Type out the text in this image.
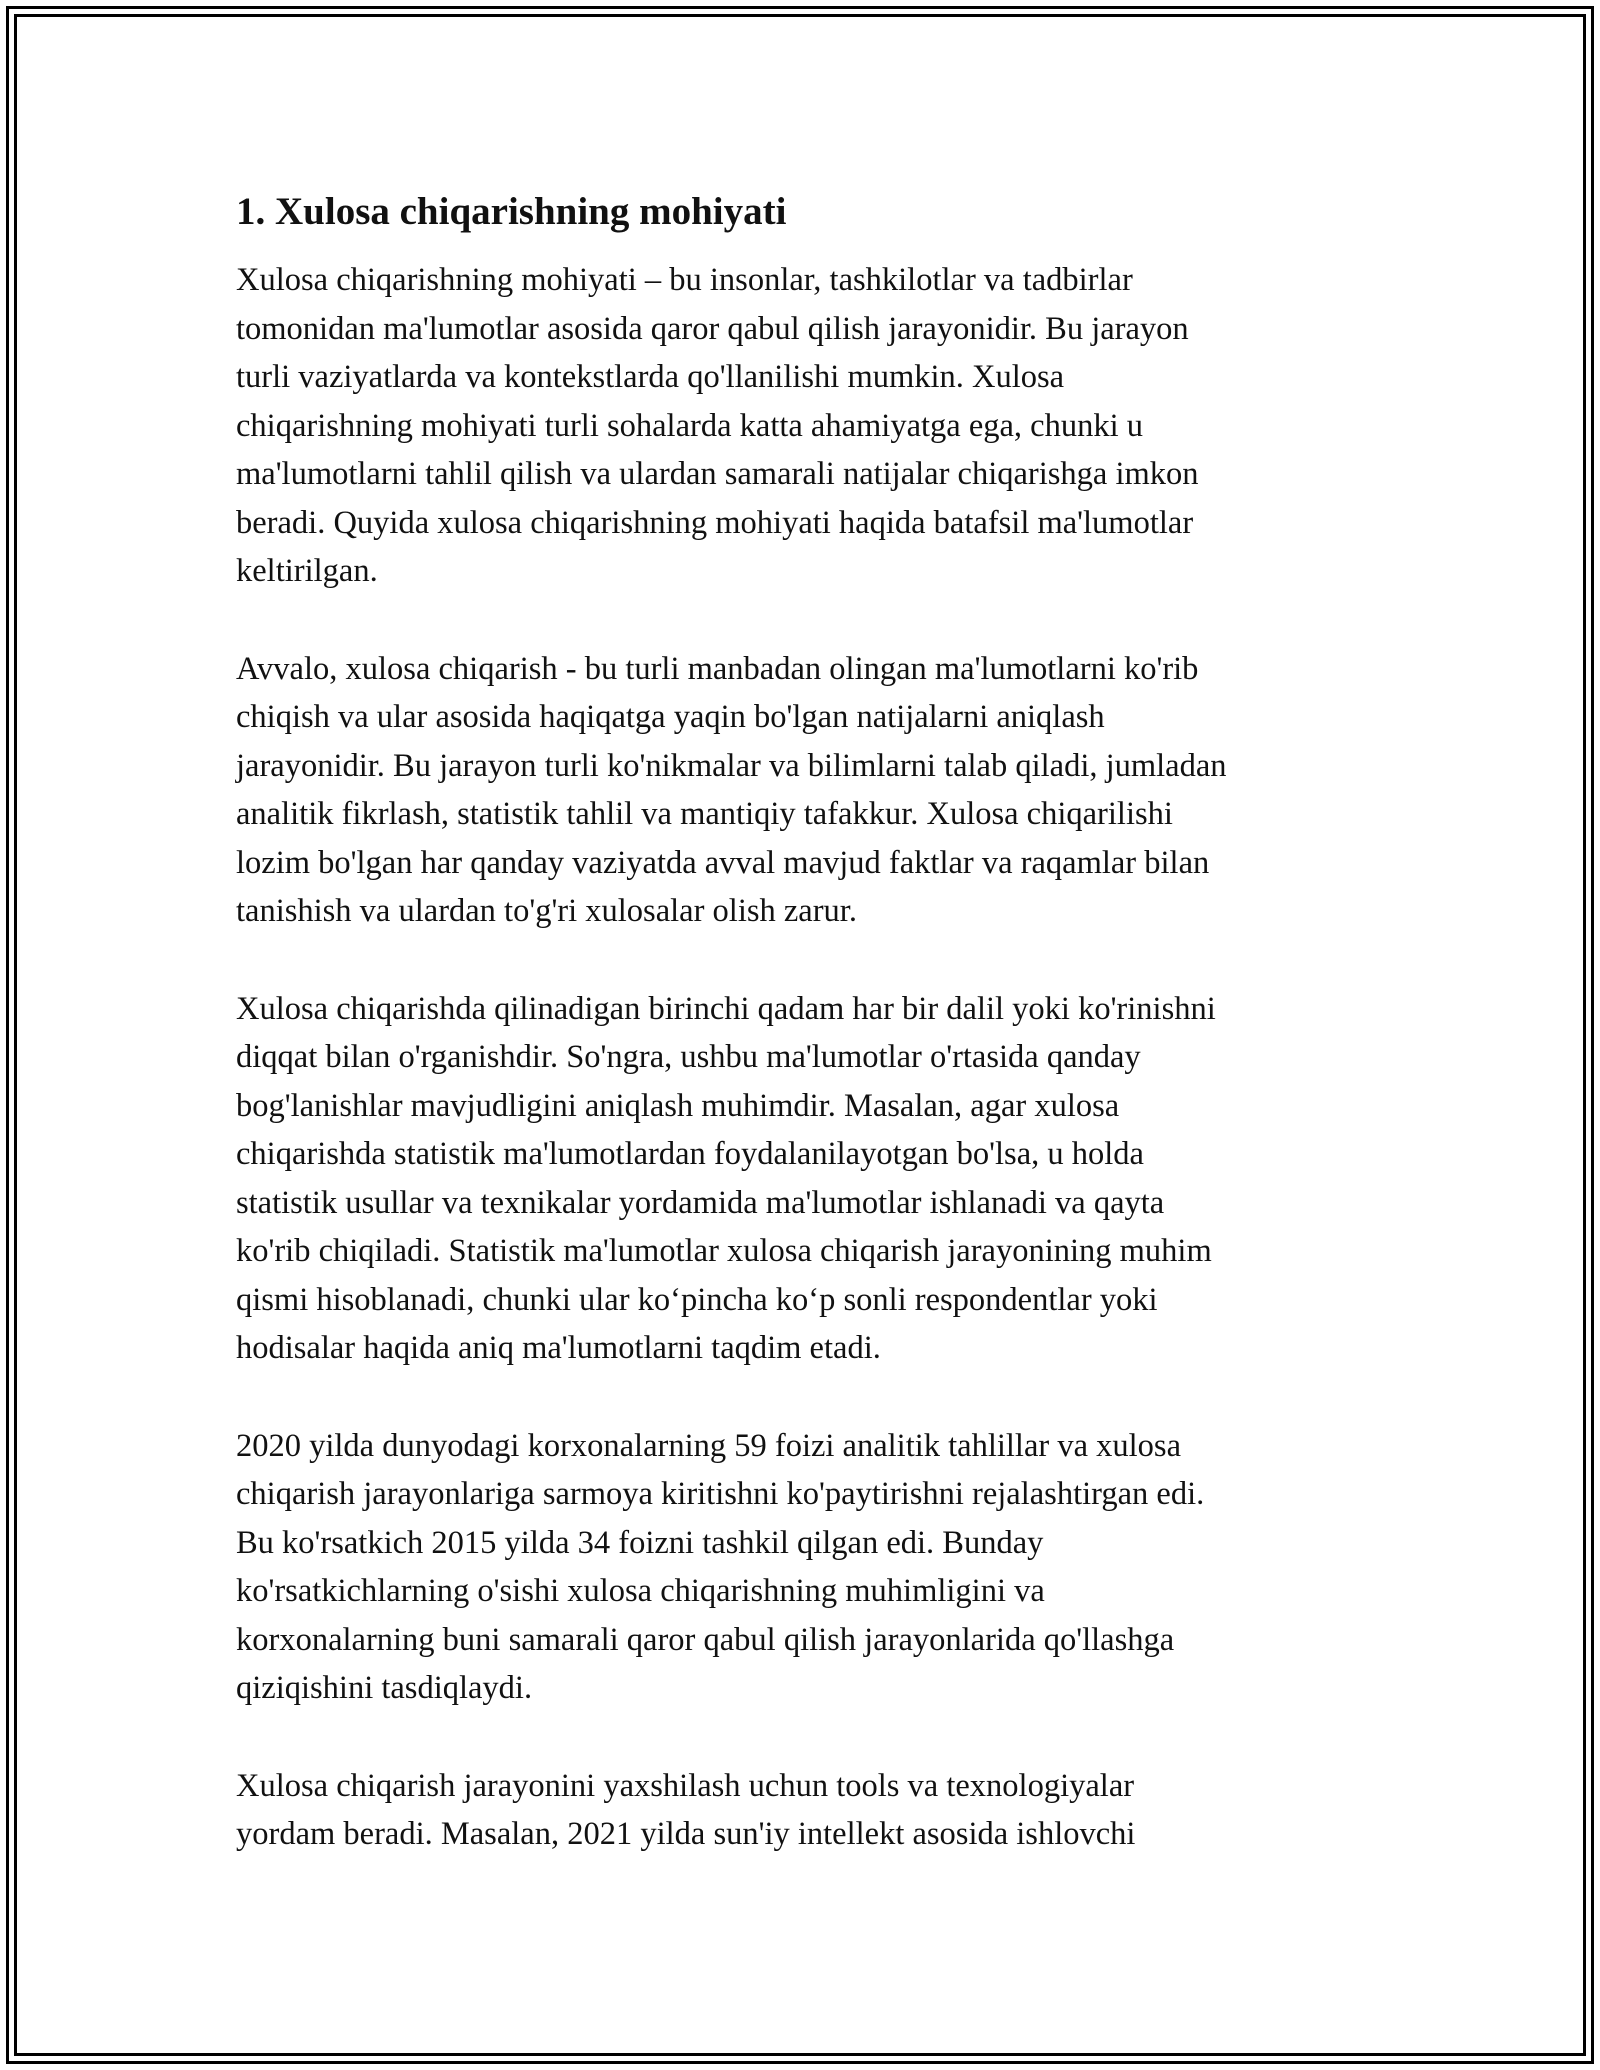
1. Xulosa chiqarishning mohiyati

Xulosa chiqarishning mohiyati – bu insonlar, tashkilotlar va tadbirlar
tomonidan ma'lumotlar asosida qaror qabul qilish jarayonidir. Bu jarayon
turli vaziyatlarda va kontekstlarda qo'llanilishi mumkin. Xulosa
chiqarishning mohiyati turli sohalarda katta ahamiyatga ega, chunki u
ma'lumotlarni tahlil qilish va ulardan samarali natijalar chiqarishga imkon
beradi. Quyida xulosa chiqarishning mohiyati haqida batafsil ma'lumotlar
keltirilgan.

Avvalo, xulosa chiqarish - bu turli manbadan olingan ma'lumotlarni ko'rib
chiqish va ular asosida haqiqatga yaqin bo'lgan natijalarni aniqlash
jarayonidir. Bu jarayon turli ko'nikmalar va bilimlarni talab qiladi, jumladan
analitik fikrlash, statistik tahlil va mantiqiy tafakkur. Xulosa chiqarilishi
lozim bo'lgan har qanday vaziyatda avval mavjud faktlar va raqamlar bilan
tanishish va ulardan to'g'ri xulosalar olish zarur.

Xulosa chiqarishda qilinadigan birinchi qadam har bir dalil yoki ko'rinishni
diqqat bilan o'rganishdir. So'ngra, ushbu ma'lumotlar o'rtasida qanday
bog'lanishlar mavjudligini aniqlash muhimdir. Masalan, agar xulosa
chiqarishda statistik ma'lumotlardan foydalanilayotgan bo'lsa, u holda
statistik usullar va texnikalar yordamida ma'lumotlar ishlanadi va qayta
ko'rib chiqiladi. Statistik ma'lumotlar xulosa chiqarish jarayonining muhim
qismi hisoblanadi, chunki ular ko‘pincha ko‘p sonli respondentlar yoki
hodisalar haqida aniq ma'lumotlarni taqdim etadi.

2020 yilda dunyodagi korxonalarning 59 foizi analitik tahlillar va xulosa
chiqarish jarayonlariga sarmoya kiritishni ko'paytirishni rejalashtirgan edi.
Bu ko'rsatkich 2015 yilda 34 foizni tashkil qilgan edi. Bunday
ko'rsatkichlarning o'sishi xulosa chiqarishning muhimligini va
korxonalarning buni samarali qaror qabul qilish jarayonlarida qo'llashga
qiziqishini tasdiqlaydi.

Xulosa chiqarish jarayonini yaxshilash uchun tools va texnologiyalar
yordam beradi. Masalan, 2021 yilda sun'iy intellekt asosida ishlovchi
